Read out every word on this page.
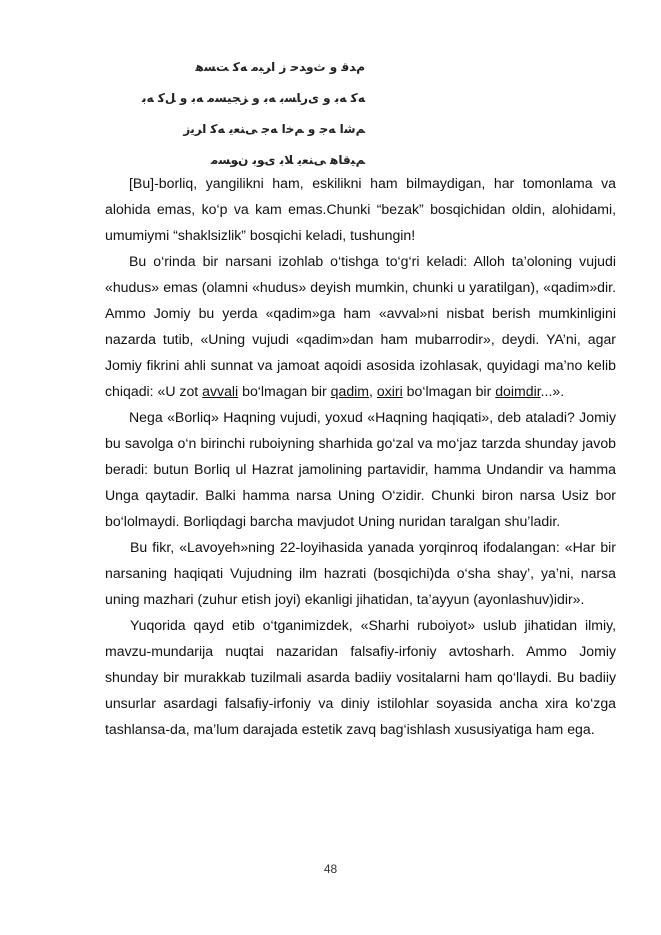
ﻡﺪﻗ ﻭ ﺙﻭﺪﺣ ﺯ ﺍﺮﺒﻣ ﻪﮐ ﺖﺴﻫ
ﻪﮐ ﻪﺑ ﻭ ﯼﺭﺎﺴﺑ ﻪﺑ ﻭ ﺰﺠﻴﺴﻣ ﻪﺑ ﻭ ﻞﮐ ﻪﺑ
ﻢﺷﺍ ﻪﺟ ﻭ ﻢﺧﺍ ﻪﺟ ﯽﻨﻌﻳ ﻪﮐ ﺍﺮﻳﺯ
ﻢﻴﻗﺎﻫ ﯽﻨﻌﻳ ﻼﺑ ﯼﻮﺑ ﻥﻮﺴﻣ

[Bu]-borliq, yangilikni ham, eskilikni ham bilmaydigan, har tomonlama va alohida emas, ko‘p va kam emas.Chunki “bezak” bosqichidan oldin, alohidami, umumiymi “shaklsizlik” bosqichi keladi, tushungin!

Bu o‘rinda bir narsani izohlab o‘tishga to‘g‘ri keladi: Alloh ta’oloning vujudi «hudus» emas (olamni «hudus» deyish mumkin, chunki u yaratilgan), «qadim»dir. Ammo Jomiy bu yerda «qadim»ga ham «avval»ni nisbat berish mumkinligini nazarda tutib, «Uning vujudi «qadim»dan ham mubarrodir», deydi. YA’ni, agar Jomiy fikrini ahli sunnat va jamoat aqoidi asosida izohlasak, quyidagi ma’no kelib chiqadi: «U zot avvali bo‘lmagan bir qadim, oxiri bo‘lmagan bir doimdir...».

Nega «Borliq» Haqning vujudi, yoxud «Haqning haqiqati», deb ataladi? Jomiy bu savolga o‘n birinchi ruboiyning sharhida go‘zal va mo‘jaz tarzda shunday javob beradi: butun Borliq ul Hazrat jamolining partavidir, hamma Undandir va hamma Unga qaytadir. Balki hamma narsa Uning O‘zidir. Chunki biron narsa Usiz bor bo‘lolmaydi. Borliqdagi barcha mavjudot Uning nuridan taralgan shu’ladir.

Bu fikr, «Lavoyeh»ning 22-loyihasida yanada yorqinroq ifodalangan: «Har bir narsaning haqiqati Vujudning ilm hazrati (bosqichi)da o‘sha shay’, ya’ni, narsa uning mazhari (zuhur etish joyi) ekanligi jihatidan, ta’ayyun (ayonlashuv)idir».

Yuqorida qayd etib o‘tganimizdek, «Sharhi ruboiyot» uslub jihatidan ilmiy, mavzu-mundarija nuqtai nazaridan falsafiy-irfoniy avtosharh. Ammo Jomiy shunday bir murakkab tuzilmali asarda badiiy vositalarni ham qo‘llaydi. Bu badiiy unsurlar asardagi falsafiy-irfoniy va diniy istilohlar soyasida ancha xira ko‘zga tashlansa-da, ma’lum darajada estetik zavq bag‘ishlash xususiyatiga ham ega.

48
